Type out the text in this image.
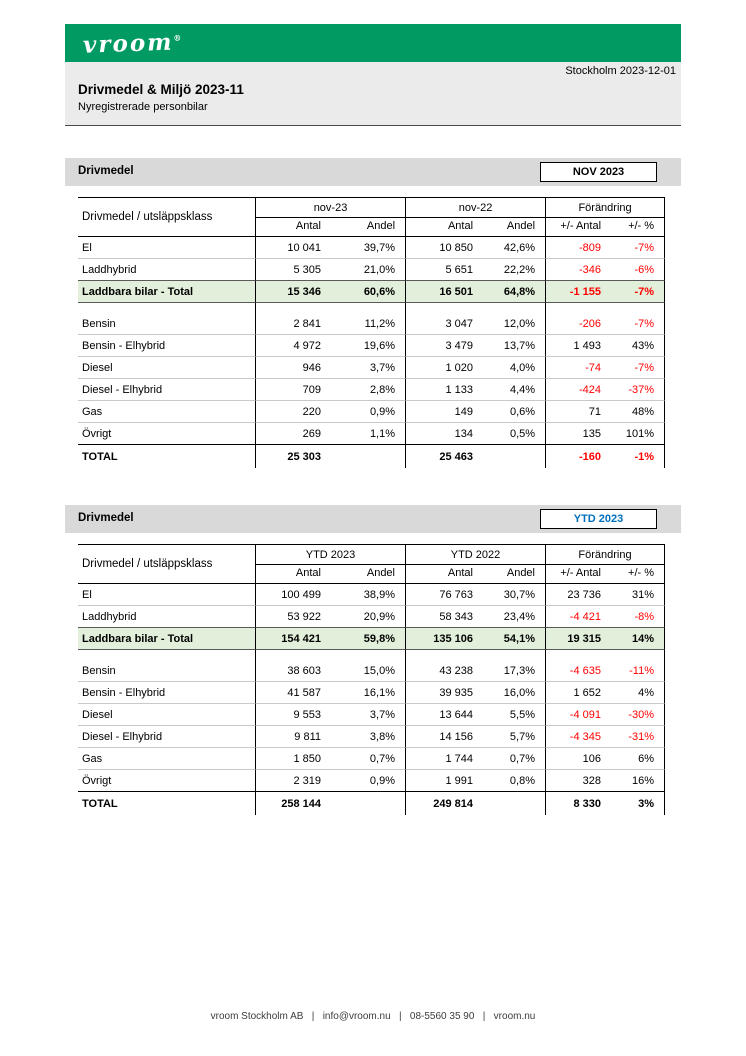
vroom®
Stockholm 2023-12-01
Drivmedel & Miljö 2023-11
Nyregistrerade personbilar
Drivmedel	NOV 2023
Drivmedel / utsläppsklass	nov-23		nov-22		Förändring	
	Antal	Andel	Antal	Andel	+/- Antal	+/- %
El	10 041	39,7%	10 850	42,6%	-809	-7%
Laddhybrid	5 305	21,0%	5 651	22,2%	-346	-6%
Laddbara bilar - Total	15 346	60,6%	16 501	64,8%	-1 155	-7%

Bensin	2 841	11,2%	3 047	12,0%	-206	-7%
Bensin - Elhybrid	4 972	19,6%	3 479	13,7%	1 493	43%
Diesel	946	3,7%	1 020	4,0%	-74	-7%
Diesel - Elhybrid	709	2,8%	1 133	4,4%	-424	-37%
Gas	220	0,9%	149	0,6%	71	48%
Övrigt	269	1,1%	134	0,5%	135	101%
TOTAL	25 303		25 463		-160	-1%
Drivmedel	YTD 2023
Drivmedel / utsläppsklass	YTD 2023		YTD 2022		Förändring	
	Antal	Andel	Antal	Andel	+/- Antal	+/- %
El	100 499	38,9%	76 763	30,7%	23 736	31%
Laddhybrid	53 922	20,9%	58 343	23,4%	-4 421	-8%
Laddbara bilar - Total	154 421	59,8%	135 106	54,1%	19 315	14%

Bensin	38 603	15,0%	43 238	17,3%	-4 635	-11%
Bensin - Elhybrid	41 587	16,1%	39 935	16,0%	1 652	4%
Diesel	9 553	3,7%	13 644	5,5%	-4 091	-30%
Diesel - Elhybrid	9 811	3,8%	14 156	5,7%	-4 345	-31%
Gas	1 850	0,7%	1 744	0,7%	106	6%
Övrigt	2 319	0,9%	1 991	0,8%	328	16%
TOTAL	258 144		249 814		8 330	3%
vroom Stockholm AB   |   info@vroom.nu   |   08-5560 35 90   |   vroom.nu
